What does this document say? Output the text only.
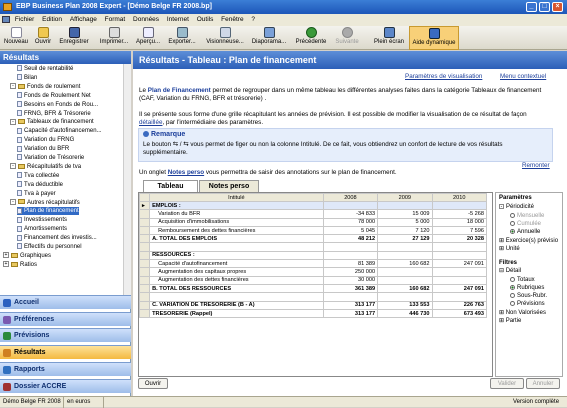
EBP Business Plan 2008 Expert - [Démo Belge FR 2008.bp]	_	□	×
Fichier Edition Affichage Format Données Internet Outils Fenêtre ?
Nouveau	Ouvrir	Enregistrer	Imprimer...	Aperçu...	Exporter...	Visionneuse...	Diaporama...	Précédente	Suivante	Plein écran	Aide dynamique
Résultats
Seuil de rentabilité
Bilan
- Fonds de roulement
Fonds de Roulement Net
Besoins en Fonds de Rou...
FRNG, BFR & Trésorerie
- Tableaux de financement
Capacité d'autofinancemen...
Variation du FRNG
Variation du BFR
Variation de Trésorerie
- Récapitulatifs de tva
Tva collectée
Tva déductible
Tva à payer
- Autres récapitulatifs
Plan de financement
Investissements
Amortissements
Financement des investis...
Effectifs du personnel
+ Graphiques
+ Ratios
Accueil
Préférences
Prévisions
Résultats
Rapports
Dossier ACCRE
Résultats - Tableau : Plan de financement
Paramètres de visualisation	Menu contextuel
Le Plan de Financement permet de regrouper dans un même tableau les différentes analyses faites dans la catégorie Tableaux de financement (CAF, Variation du FRNG, BFR et trésorerie) .
Il se présente sous forme d'une grille récapitulant les années de prévision. Il est possible de modifier la visualisation de ce résultat de façon détaillée, par l'intermédiaire des paramètres.
Remarque
Le bouton ⇆ / ⇆ vous permet de figer ou non la colonne Intitulé. De ce fait, vous obtiendrez un confort de lecture de vos résultats supplémentaire.
Remonter
Un onglet Notes perso vous permettra de saisir des annotations sur le plan de financement.
Tableau	Notes perso
	Intitulé	2008	2009	2010
▸	EMPLOIS :			
	Variation du BFR	-34 833	15 009	-5 268
	Acquisition d'immobilisations	78 000	5 000	18 000
	Remboursement des dettes financières	5 045	7 120	7 596
	A. TOTAL DES EMPLOIS	48 212	27 129	20 328

	RESSOURCES :			
	Capacité d'autofinancement	81 389	160 682	247 091
	Augmentation des capitaux propres	250 000		
	Augmentation des dettes financières	30 000		
	B. TOTAL DES RESSOURCES	361 389	160 682	247 091

	C. VARIATION DE TRESORERIE (B - A)	313 177	133 553	226 763
	TRESORERIE (Rappel)	313 177	446 730	673 493
Paramètres
- Périodicité
Mensuelle
Cumulée
Annuelle
⊞ Exercice(s) prévisio
⊞ Unité
Filtres
⊟ Détail
Totaux
Rubriques
Sous-Rubr.
Prévisions
⊞ Non Valorisées
⊞ Partie
Ouvrir	Valider	Annuler
Démo Belge FR 2008	en euros	Version complète
